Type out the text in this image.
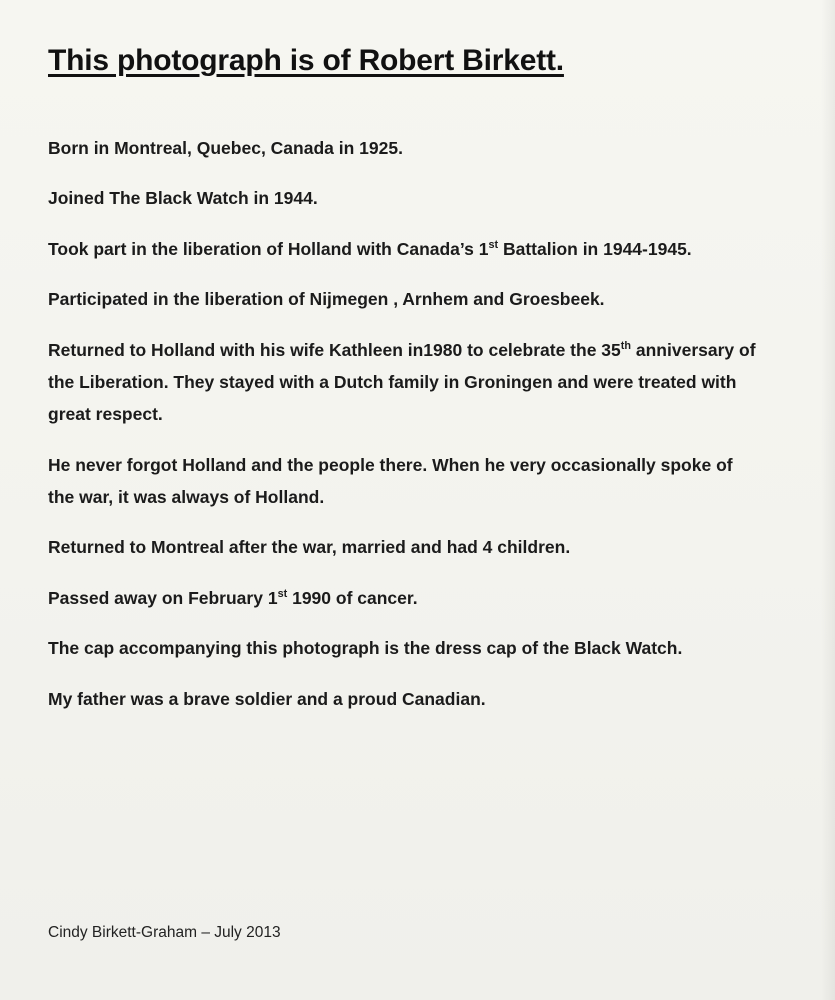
This photograph is of Robert Birkett.

Born in Montreal, Quebec, Canada in 1925.

Joined The Black Watch in 1944.

Took part in the liberation of Holland with Canada’s 1st Battalion in 1944-1945.

Participated in the liberation of Nijmegen , Arnhem and Groesbeek.

Returned to Holland with his wife Kathleen in1980 to celebrate the 35th anniversary of the Liberation. They stayed with a Dutch family in Groningen and were treated with great respect.

He never forgot Holland and the people there. When he very occasionally spoke of the war, it was always of Holland.

Returned to Montreal after the war, married and had 4 children.

Passed away on February 1st 1990 of cancer.

The cap accompanying this photograph is the dress cap of the Black Watch.

My father was a brave soldier and a proud Canadian.

Cindy Birkett-Graham – July 2013
